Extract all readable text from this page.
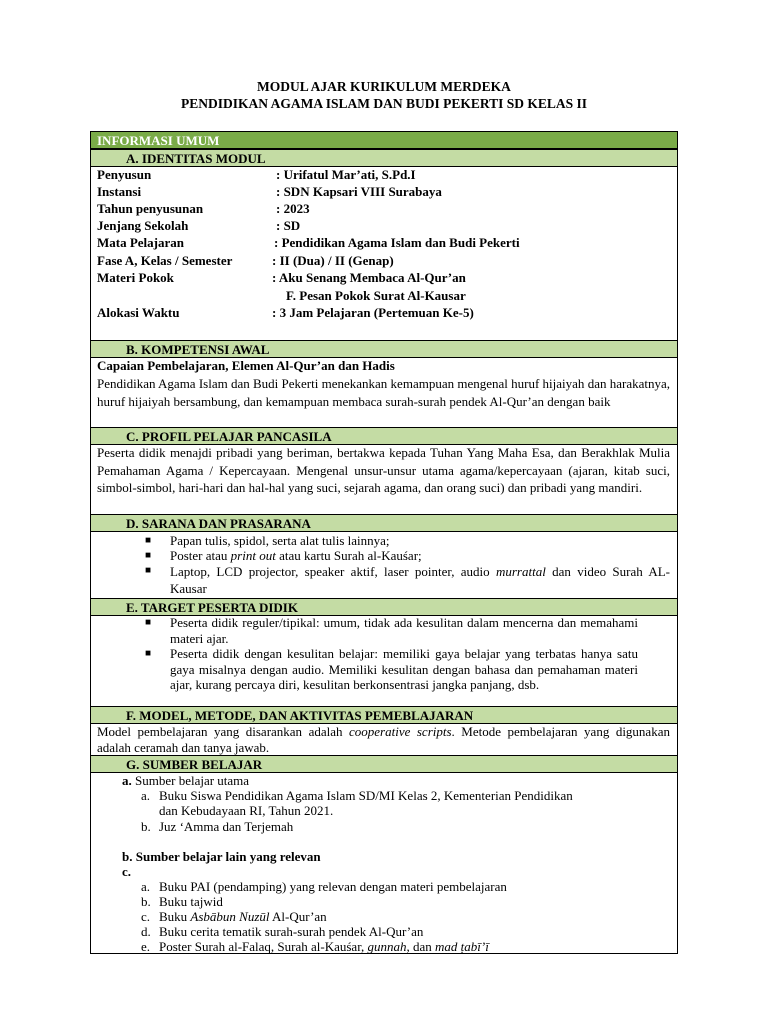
MODUL AJAR KURIKULUM MERDEKA
PENDIDIKAN AGAMA ISLAM DAN BUDI PEKERTI SD KELAS II
INFORMASI UMUM
A. IDENTITAS MODUL
Penyusun	: Urifatul Mar’ati, S.Pd.I
Instansi	: SDN Kapsari VIII Surabaya
Tahun penyusunan	: 2023
Jenjang Sekolah	: SD
Mata Pelajaran	: Pendidikan Agama Islam dan Budi Pekerti
Fase A, Kelas / Semester	: II (Dua) / II (Genap)
Materi Pokok	: Aku Senang Membaca Al-Qur’an
F. Pesan Pokok Surat Al-Kausar
Alokasi Waktu	: 3 Jam Pelajaran (Pertemuan Ke-5)
B. KOMPETENSI AWAL
Capaian Pembelajaran, Elemen Al-Qur’an dan Hadis
Pendidikan Agama Islam dan Budi Pekerti menekankan kemampuan mengenal huruf hijaiyah dan harakatnya, huruf hijaiyah bersambung, dan kemampuan membaca surah-surah pendek Al-Qur’an dengan baik
C. PROFIL PELAJAR PANCASILA
Peserta didik menajdi pribadi yang beriman, bertakwa kepada Tuhan Yang Maha Esa, dan Berakhlak Mulia Pemahaman Agama / Kepercayaan. Mengenal unsur-unsur utama agama/kepercayaan (ajaran, kitab suci, simbol-simbol, hari-hari dan hal-hal yang suci, sejarah agama, dan orang suci) dan pribadi yang mandiri.
D. SARANA DAN PRASARANA
■ Papan tulis, spidol, serta alat tulis lainnya;
■ Poster atau print out atau kartu Surah al-Kauśar;
■ Laptop, LCD projector, speaker aktif, laser pointer, audio murrattal dan video Surah AL-Kausar
E. TARGET PESERTA DIDIK
■ Peserta didik reguler/tipikal: umum, tidak ada kesulitan dalam mencerna dan memahami materi ajar.
■ Peserta didik dengan kesulitan belajar: memiliki gaya belajar yang terbatas hanya satu gaya misalnya dengan audio. Memiliki kesulitan dengan bahasa dan pemahaman materi ajar, kurang percaya diri, kesulitan berkonsentrasi jangka panjang, dsb.
F. MODEL, METODE, DAN AKTIVITAS PEMEBLAJARAN
Model pembelajaran yang disarankan adalah cooperative scripts. Metode pembelajaran yang digunakan adalah ceramah dan tanya jawab.
G. SUMBER BELAJAR
a. Sumber belajar utama
a. Buku Siswa Pendidikan Agama Islam SD/MI Kelas 2, Kementerian Pendidikan
dan Kebudayaan RI, Tahun 2021.
b. Juz ‘Amma dan Terjemah
b. Sumber belajar lain yang relevan
c.
a. Buku PAI (pendamping) yang relevan dengan materi pembelajaran
b. Buku tajwid
c. Buku Asbābun Nuzūl Al-Qur’an
d. Buku cerita tematik surah-surah pendek Al-Qur’an
e. Poster Surah al-Falaq, Surah al-Kauśar, gunnah, dan mad ṭabī’ī
